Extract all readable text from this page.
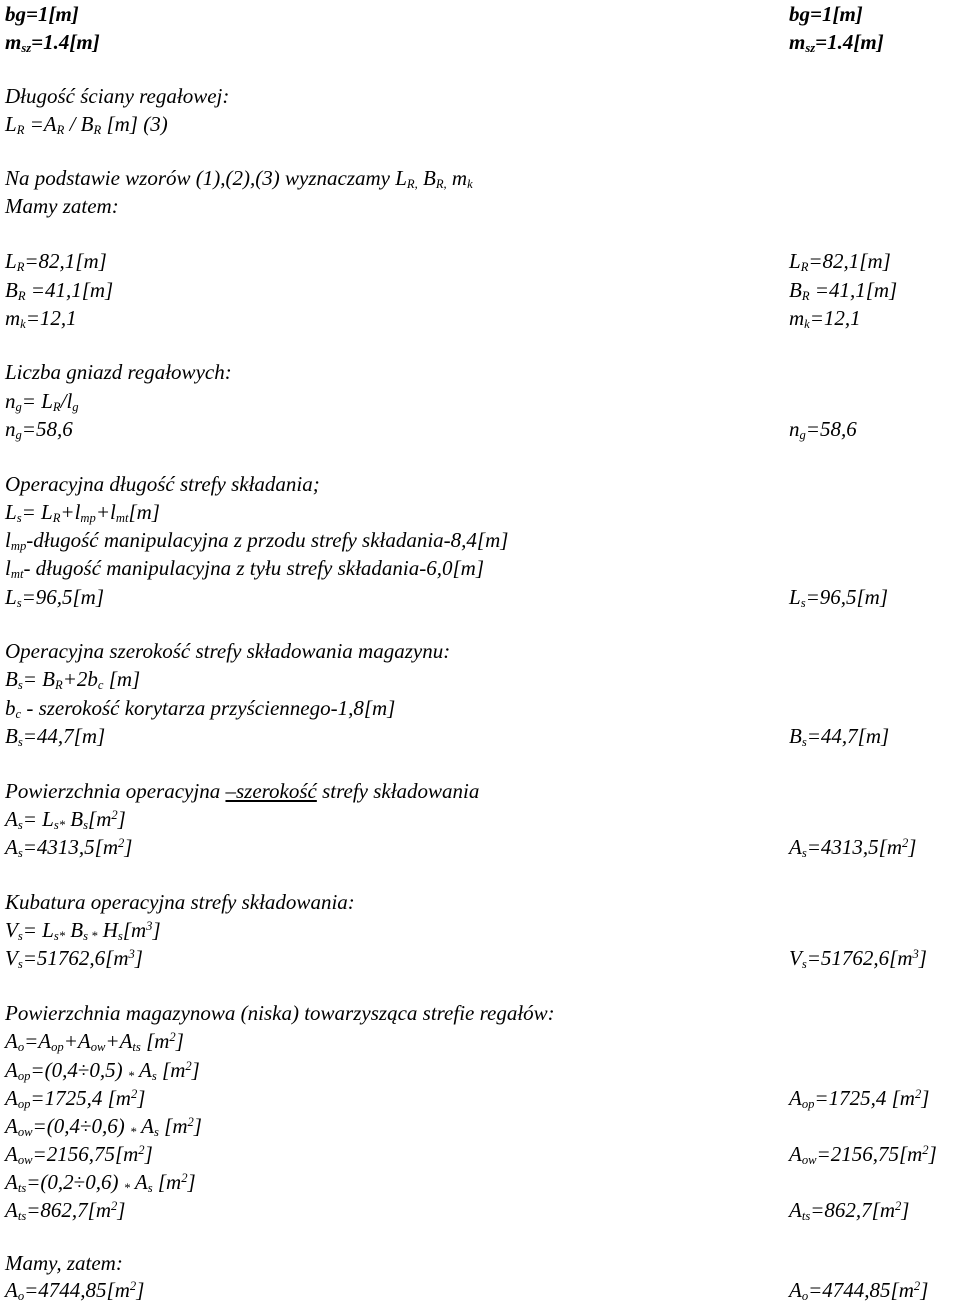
bg=1[m]
$m_{sz}=1.4[m]$
Długość ściany regałowej:
$L_R =A_R / B_R$ [m] (3)
Na podstawie wzorów (1),(2),(3) wyznaczamy $L_{R,}$ $B_{R,}$ $m_k$
Mamy zatem:
$L_R=82,1[m]$
$B_R =41,1[m]$
$m_k=12,1$
Liczba gniazd regałowych:
$n_g= L_R/l_g$
$n_g=58,6$
Operacyjna długość strefy składania;
$L_s= L_R+l_{mp}+l_{mt}[m]$
$l_{mp}$-długość manipulacyjna z przodu strefy składania-8,4[m]
$l_{mt}-$ długość manipulacyjna z tyłu strefy składania-6,0[m]
$L_s=96,5[m]$
Operacyjna szerokość strefy składowania magazynu:
$B_s= B_R+2b_c$ [m]
$b_c$ - szerokość korytarza przyściennego-1,8[m]
$B_s=44,7[m]$
Powierzchnia operacyjna –szerokość strefy składowania
$A_s= L_{s*}$ $B_s[m^2]$
$A_s=4313,5[m^2]$
Kubatura operacyjna strefy składowania:
$V_s= L_{s*}$ $B_{s *}$ $H_s[m^3]$
$V_s=51762,6[m^3]$
Powierzchnia magazynowa (niska) towarzysząca strefie regałów:
$A_o=A_{op}+A_{ow}+A_{ts}$ $[m^2]$
$A_{op}=(0,4\div 0,5)$ $_*$ $A_s$ $[m^2]$
$A_{op}=1725,4$ $[m^2]$
$A_{ow}=(0,4\div 0,6)$ $_*$ $A_s$ $[m^2]$
$A_{ow}=2156,75[m^2]$
$A_{ts}=(0,2\div 0,6)$ $_*$ $A_s$ $[m^2]$
$A_{ts}=862,7[m^2]$
Mamy, zatem:
$A_o=4744,85[m^2]$
bg=1[m]
$m_{sz}=1.4[m]$
$L_R=82,1[m]$
$B_R =41,1[m]$
$m_k=12,1$
$n_g=58,6$
$L_s=96,5[m]$
$B_s=44,7[m]$
$A_s=4313,5[m^2]$
$V_s=51762,6[m^3]$
$A_{op}=1725,4$ $[m^2]$
$A_{ow}=2156,75[m^2]$
$A_{ts}=862,7[m^2]$
$A_o=4744,85[m^2]$
